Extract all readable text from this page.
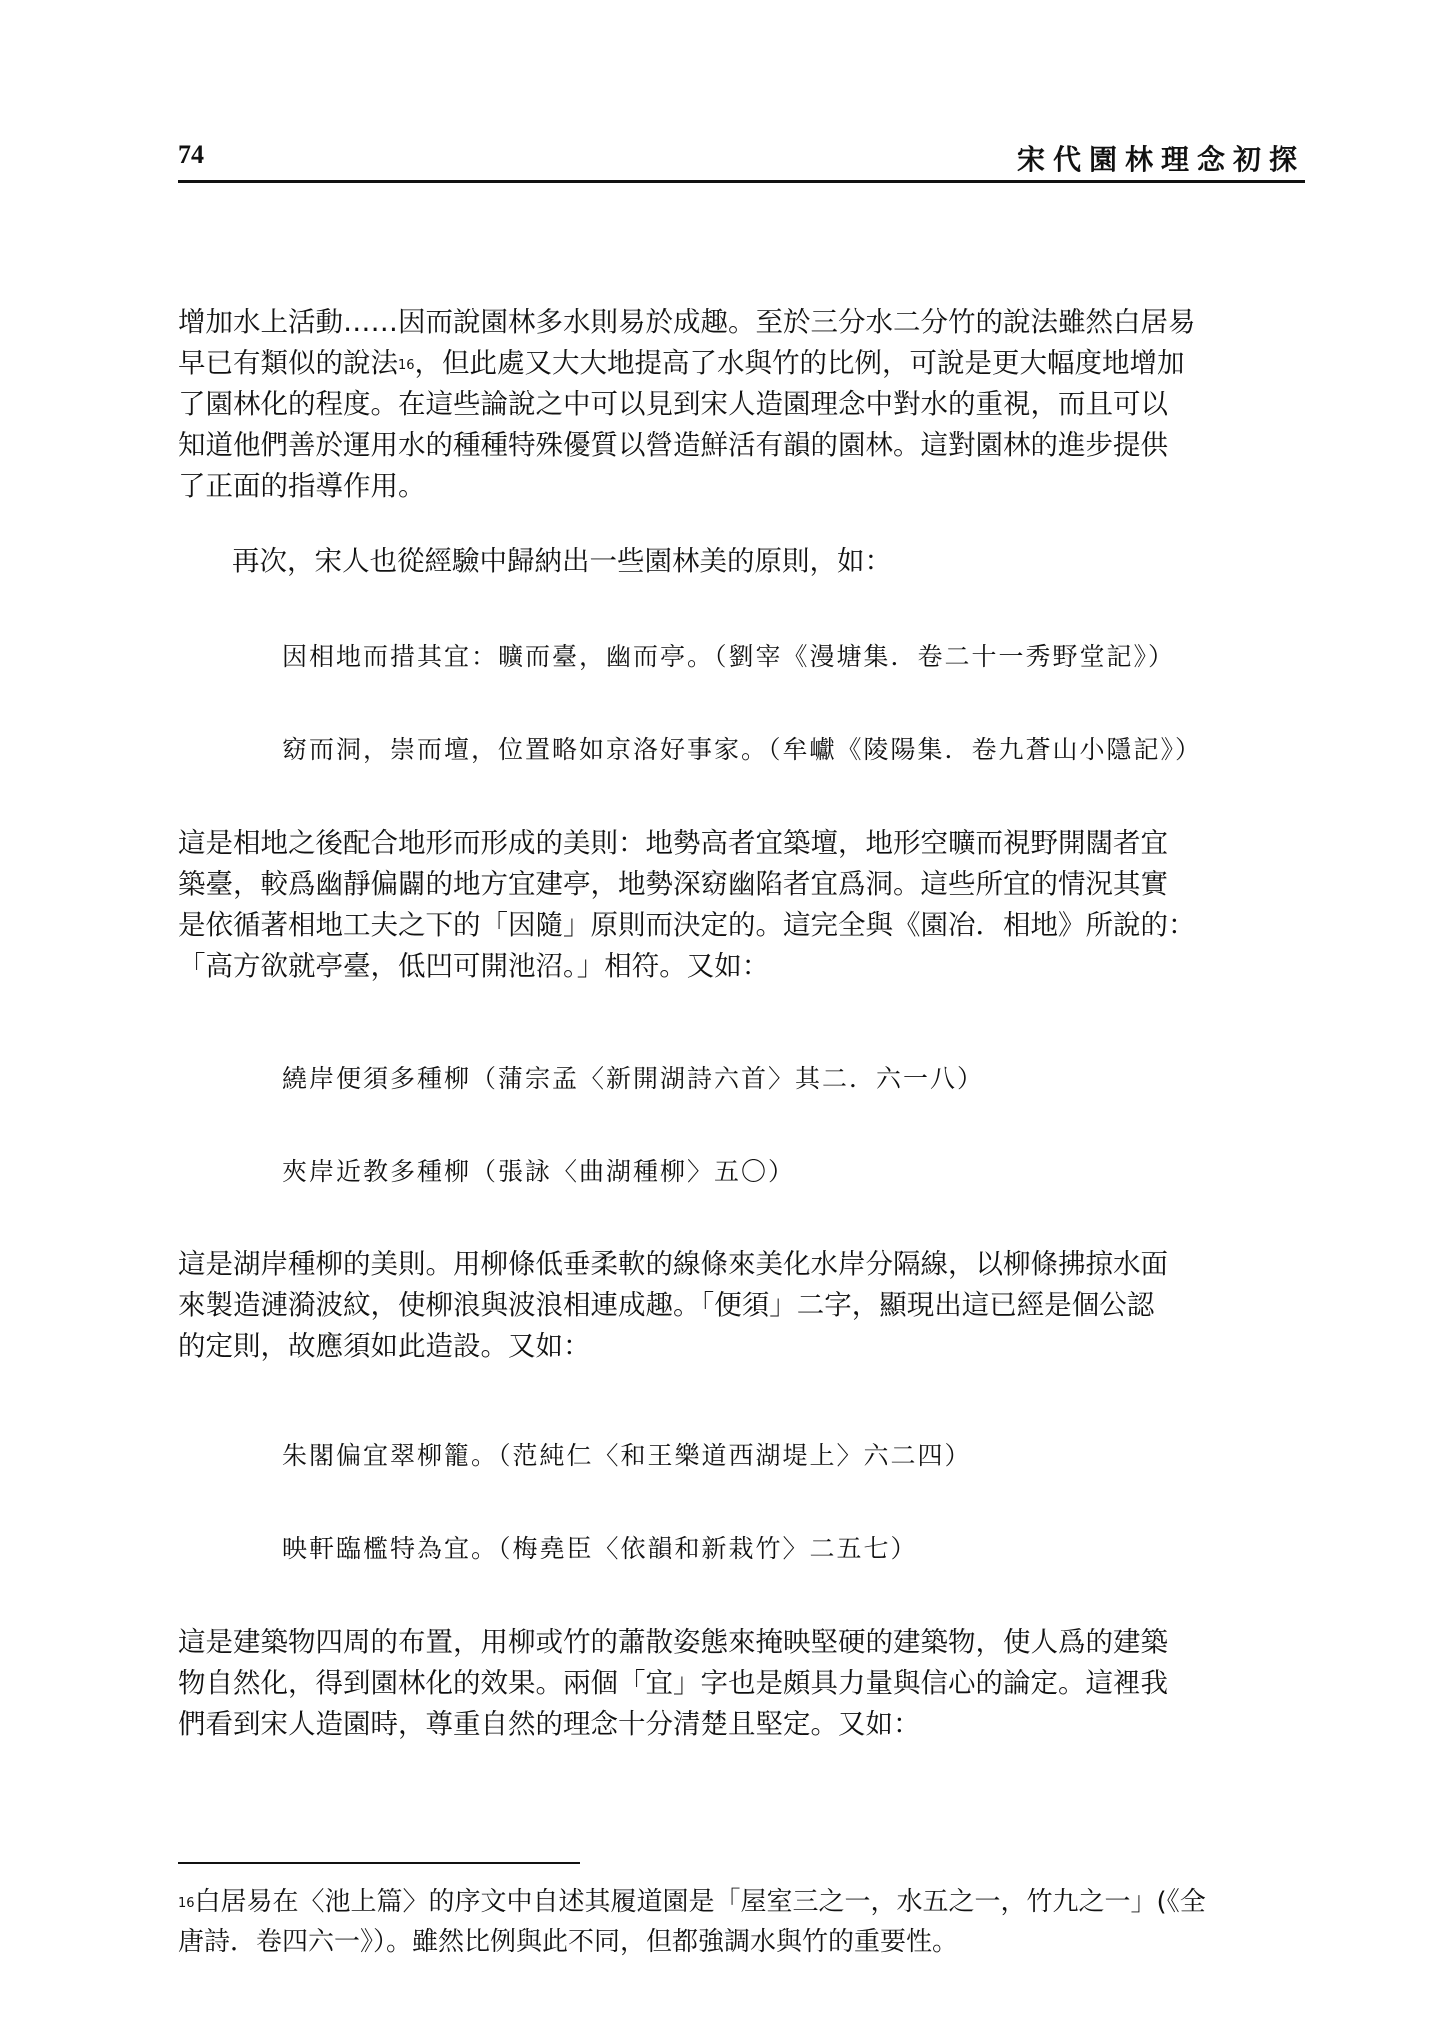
74	宋代園林理念初探

增加水上活動……因而說園林多水則易於成趣。至於三分水二分竹的說法雖然白居易
早已有類似的說法$^{16}$，但此處又大大地提高了水與竹的比例，可說是更大幅度地增加
了園林化的程度。在這些論說之中可以見到宋人造園理念中對水的重視，而且可以
知道他們善於運用水的種種特殊優質以營造鮮活有韻的園林。這對園林的進步提供
了正面的指導作用。

再次，宋人也從經驗中歸納出一些園林美的原則，如：

因相地而措其宜：曠而臺，幽而亭。（劉宰《漫塘集．卷二十一秀野堂記》）

窈而洞，崇而壇，位置略如京洛好事家。（牟巘《陵陽集．卷九蒼山小隱記》）

這是相地之後配合地形而形成的美則：地勢高者宜築壇，地形空曠而視野開闊者宜
築臺，較爲幽靜偏闢的地方宜建亭，地勢深窈幽陷者宜爲洞。這些所宜的情況其實
是依循著相地工夫之下的「因隨」原則而決定的。這完全與《園冶．相地》所說的：
「高方欲就亭臺，低凹可開池沼。」相符。又如：

繞岸便須多種柳（蒲宗孟〈新開湖詩六首〉其二．六一八）

夾岸近教多種柳（張詠〈曲湖種柳〉五〇）

這是湖岸種柳的美則。用柳條低垂柔軟的線條來美化水岸分隔線，以柳條拂掠水面
來製造漣漪波紋，使柳浪與波浪相連成趣。「便須」二字，顯現出這已經是個公認
的定則，故應須如此造設。又如：

朱閣偏宜翠柳籠。（范純仁〈和王樂道西湖堤上〉六二四）

映軒臨檻特為宜。（梅堯臣〈依韻和新栽竹〉二五七）

這是建築物四周的布置，用柳或竹的蕭散姿態來掩映堅硬的建築物，使人爲的建築
物自然化，得到園林化的效果。兩個「宜」字也是頗具力量與信心的論定。這裡我
們看到宋人造園時，尊重自然的理念十分清楚且堅定。又如：

$^{16}$白居易在〈池上篇〉的序文中自述其履道園是「屋室三之一，水五之一，竹九之一」(《全
唐詩．卷四六一》）。雖然比例與此不同，但都強調水與竹的重要性。
